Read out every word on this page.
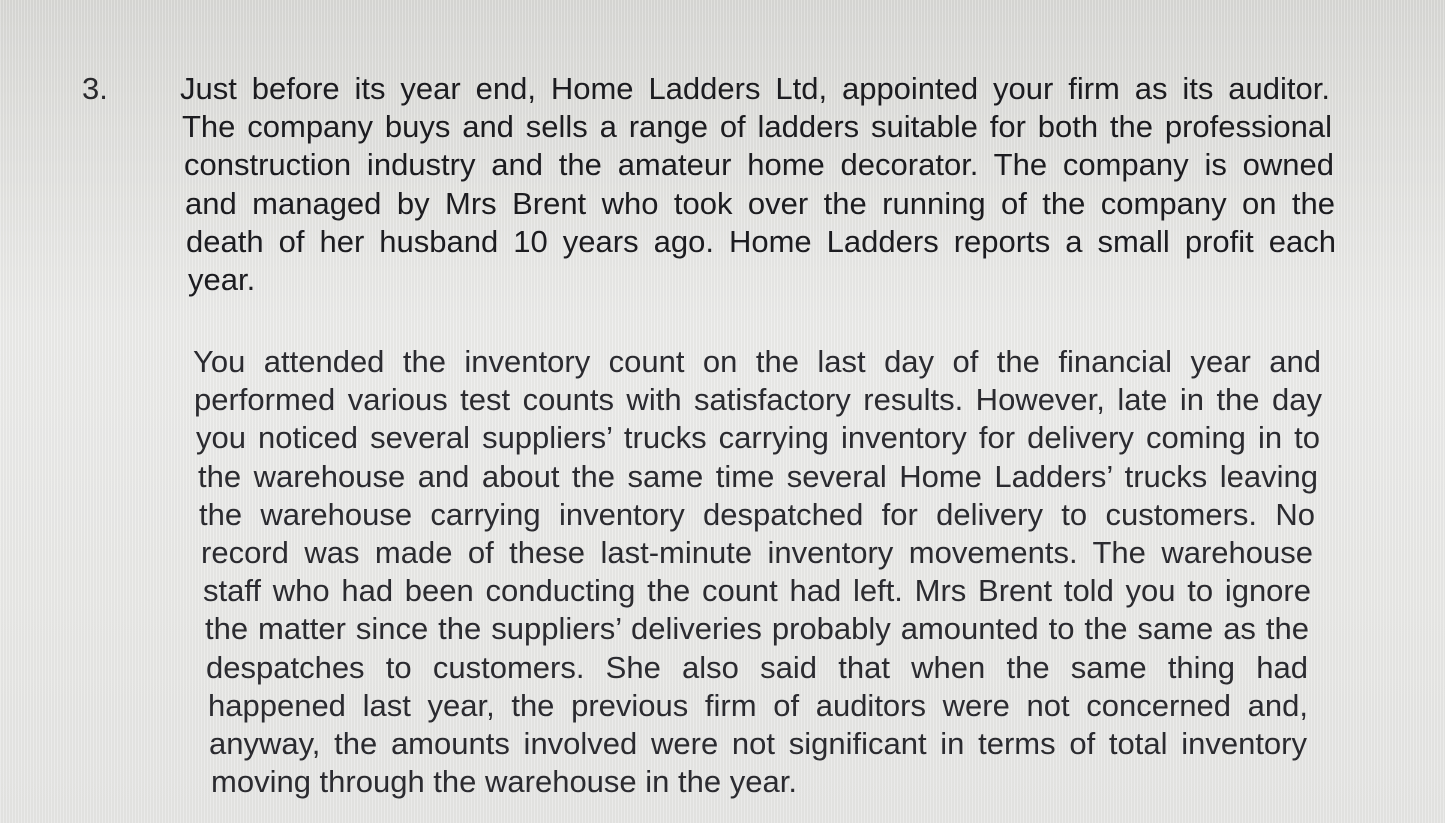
3. Just before its year end, Home Ladders Ltd, appointed your firm as its auditor.
The company buys and sells a range of ladders suitable for both the professional
construction industry and the amateur home decorator. The company is owned
and managed by Mrs Brent who took over the running of the company on the
death of her husband 10 years ago. Home Ladders reports a small profit each
year.
You attended the inventory count on the last day of the financial year and
performed various test counts with satisfactory results. However, late in the day
you noticed several suppliers’ trucks carrying inventory for delivery coming in to
the warehouse and about the same time several Home Ladders’ trucks leaving
the warehouse carrying inventory despatched for delivery to customers. No
record was made of these last-minute inventory movements. The warehouse
staff who had been conducting the count had left. Mrs Brent told you to ignore
the matter since the suppliers’ deliveries probably amounted to the same as the
despatches to customers. She also said that when the same thing had
happened last year, the previous firm of auditors were not concerned and,
anyway, the amounts involved were not significant in terms of total inventory
moving through the warehouse in the year.
